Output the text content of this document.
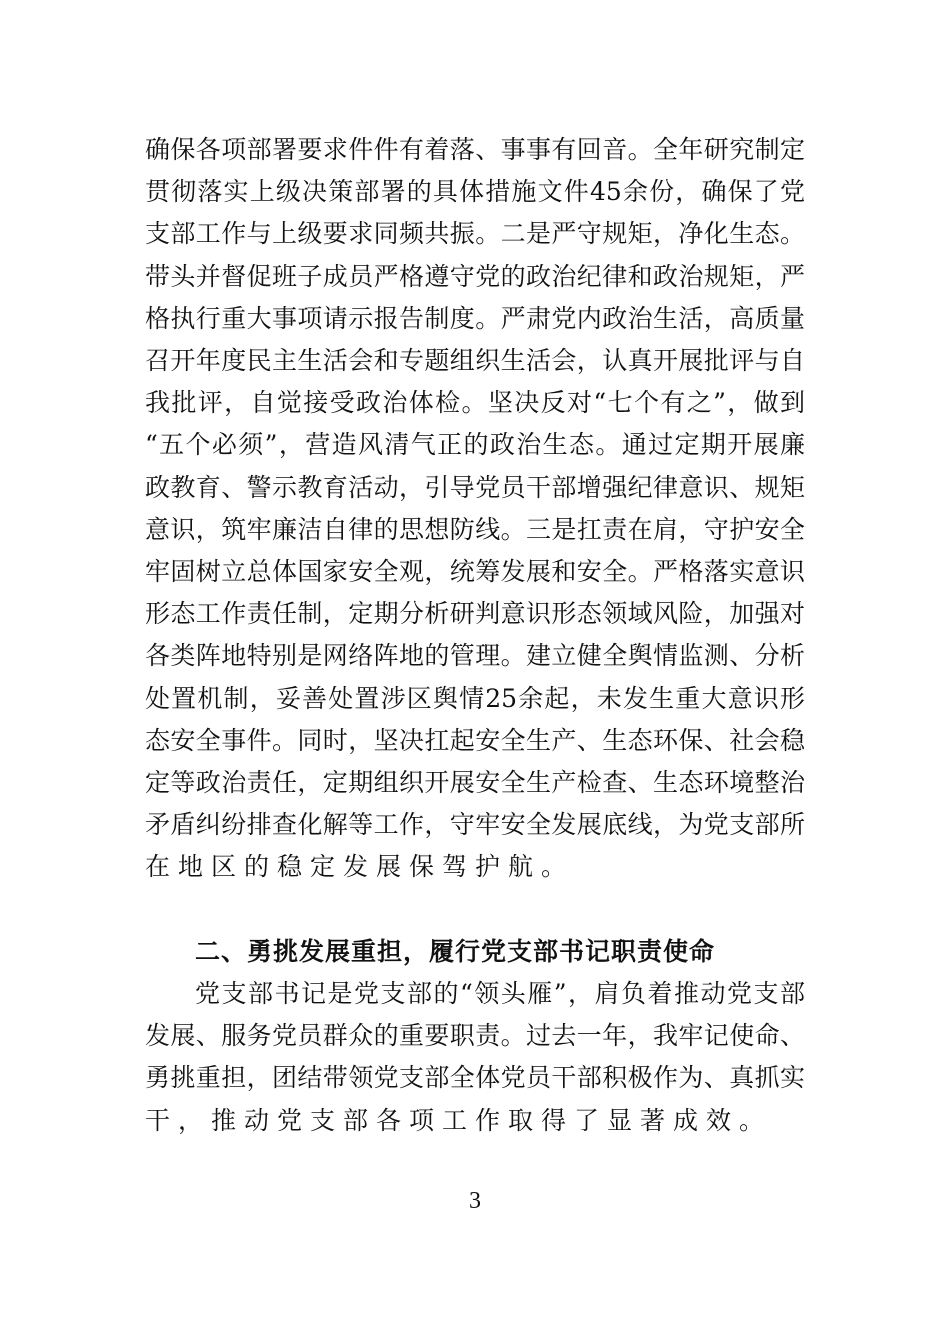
确保各项部署要求件件有着落、事事有回音。全年研究制定
贯彻落实上级决策部署的具体措施文件45余份，确保了党
支部工作与上级要求同频共振。二是严守规矩，净化生态。
带头并督促班子成员严格遵守党的政治纪律和政治规矩，严
格执行重大事项请示报告制度。严肃党内政治生活，高质量
召开年度民主生活会和专题组织生活会，认真开展批评与自
我批评，自觉接受政治体检。坚决反对“七个有之”，做到
“五个必须”，营造风清气正的政治生态。通过定期开展廉
政教育、警示教育活动，引导党员干部增强纪律意识、规矩
意识，筑牢廉洁自律的思想防线。三是扛责在肩，守护安全
牢固树立总体国家安全观，统筹发展和安全。严格落实意识
形态工作责任制，定期分析研判意识形态领域风险，加强对
各类阵地特别是网络阵地的管理。建立健全舆情监测、分析
处置机制，妥善处置涉区舆情25余起，未发生重大意识形
态安全事件。同时，坚决扛起安全生产、生态环保、社会稳
定等政治责任，定期组织开展安全生产检查、生态环境整治
矛盾纠纷排查化解等工作，守牢安全发展底线，为党支部所
在地区的稳定发展保驾护航。
二、勇挑发展重担，履行党支部书记职责使命
党支部书记是党支部的“领头雁”，肩负着推动党支部
发展、服务党员群众的重要职责。过去一年，我牢记使命、
勇挑重担，团结带领党支部全体党员干部积极作为、真抓实
干，推动党支部各项工作取得了显著成效。
3
